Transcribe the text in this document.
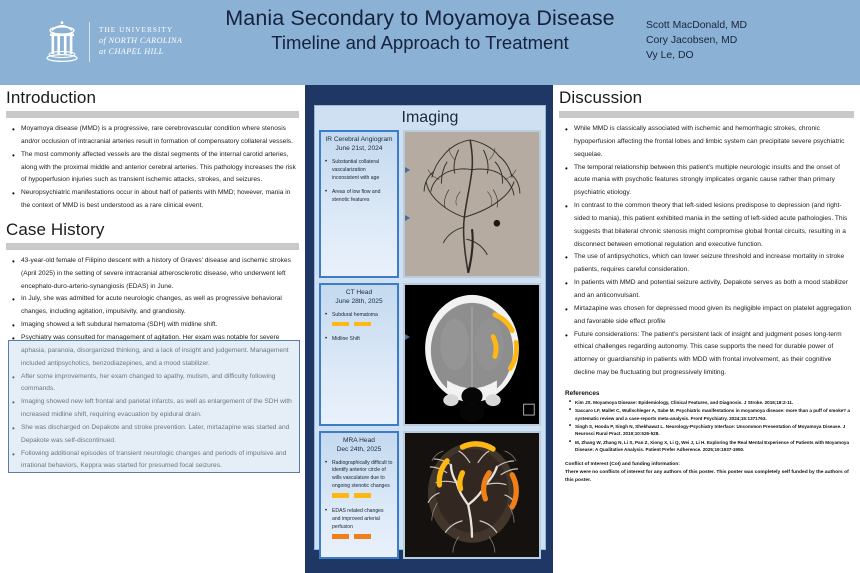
THE UNIVERSITY
of NORTH CAROLINA
at CHAPEL HILL
Mania Secondary to Moyamoya Disease
Timeline and Approach to Treatment
Scott MacDonald, MD
Cory Jacobsen, MD
Vy Le, DO
Introduction
• Moyamoya disease (MMD) is a progressive, rare cerebrovascular condition where stenosis and/or occlusion of intracranial arteries result in formation of compensatory collateral vessels.
• The most commonly affected vessels are the distal segments of the internal carotid arteries, along with the proximal middle and anterior cerebral arteries. This pathology increases the risk of hypoperfusion injuries such as transient ischemic attacks, strokes, and seizures.
• Neuropsychiatric manifestations occur in about half of patients with MMD; however, mania in the context of MMD is best understood as a rare clinical event.
Case History
• 43-year-old female of Filipino descent with a history of Graves' disease and ischemic strokes (April 2025) in the setting of severe intracranial atherosclerotic disease, who underwent left encephalo-duro-arterio-synangiosis (EDAS) in June.
• In July, she was admitted for acute neurologic changes, as well as progressive behavioral changes, including agitation, impulsivity, and grandiosity.
• Imaging showed a left subdural hematoma (SDH) with midline shift.
• Psychiatry was consulted for management of agitation. Her exam was notable for severe aphasia, paranoia, disorganized thinking, and a lack of insight and judgement. Management included antipsychotics, benzodiazepines, and a mood stabilizer.
• After some improvements, her exam changed to apathy, mutism, and difficulty following commands.
• Imaging showed new left frontal and parietal infarcts, as well as enlargement of the SDH with increased midline shift, requiring evacuation by epidural drain.
• She was discharged on Depakote and stroke prevention. Later, mirtazapine was started and Depakote was self-discontinued.
• Following additional episodes of transient neurologic changes and periods of impulsive and irrational behaviors, Keppra was started for presumed focal seizures.
Imaging
IR Cerebral Angiogram
June 21st, 2024
• Substantial collateral vascularization inconsistent with age
• Areas of low flow and stenotic features
CT Head
June 28th, 2025
• Subdural hematoma

• Midline Shift
MRA Head
Dec 24th, 2025
• Radiographically difficult to identify anterior circle of wills vasculature due to ongoing stenotic changes

• EDAS related changes and improved arterial perfusion

Discussion
• While MMD is classically associated with ischemic and hemorrhagic strokes, chronic hypoperfusion affecting the frontal lobes and limbic system can precipitate severe psychiatric sequelae.
• The temporal relationship between this patient's multiple neurologic insults and the onset of acute mania with psychotic features strongly implicates organic cause rather than primary psychiatric etiology.
• In contrast to the common theory that left-sided lesions predispose to depression (and right-sided to mania), this patient exhibited mania in the setting of left-sided acute pathologies. This suggests that bilateral chronic stenosis might compromise global frontal circuits, resulting in a disconnect between emotional regulation and executive function.
• The use of antipsychotics, which can lower seizure threshold and increase mortality in stroke patients, requires careful consideration.
• In patients with MMD and potential seizure activity, Depakote serves as both a mood stabilizer and an anticonvulsant.
• Mirtazapine was chosen for depressed mood given its negligible impact on platelet aggregation and favorable side effect profile
• Future considerations: The patient's persistent lack of insight and judgment poses long-term ethical challenges regarding autonomy. This case supports the need for durable power of attorney or guardianship in patients with MDD with frontal involvement, as their cognitive decline may be fluctuating but progressively limiting.
References
• Kim JS. Moyamoya Disease: Epidemiology, Clinical Features, and Diagnosis. J Stroke. 2016;18:2-11.
• Saccaro LF, Mallet C, Wullschleger A, Sabe M. Psychiatric manifestations in moyamoya disease: more than a puff of smoke? a systematic review and a case-reports meta-analysis. Front Psychiatry. 2024;15:1371763.
• Singh S, Hooda P, Singh N, Shekhawat L. Neurology-Psychiatry Interface: Uncommon Presentation of Moyamoya Disease. J Neurosci Rural Pract. 2019;10:526-528.
• M, Zhang W, Zhang N, Li S, Pan Z, Xiong X, Li Q, Wei J, Li H. Exploring the Real Mental Experience of Patients with Moyamoya Disease: A Qualitative Analysis. Patient Prefer Adherence. 2025;19:1937-1950.
Conflict of Interest (CoI) and funding information:
There were no conflicts of interest for any authors of this poster. This poster was completely self funded by the authors of this poster.
